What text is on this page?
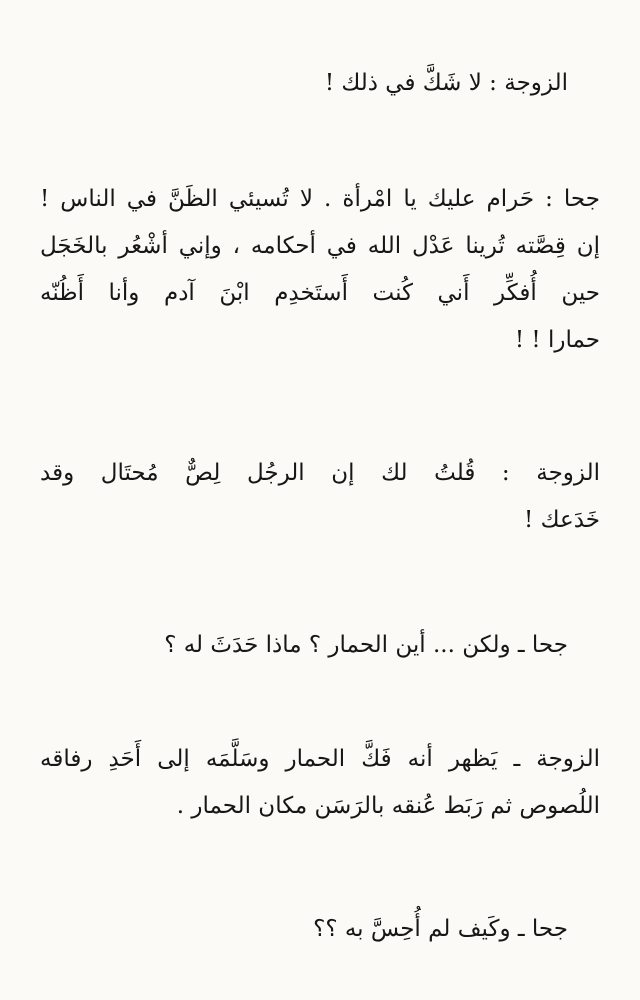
الزوجة : لا شَكَّ في ذلك !

جحا : حَرام عليك يا امْرأة . لا تُسيئي الظَنَّ في الناس !
إن قِصَّته تُرينا عَدْل الله في أحكامه ، وإني أشْعُر بالخَجَل
حين أُفكِّر أَني كُنت أَستَخدِم ابْنَ آدم وأنا أَظُنّه
حمارا ! !

الزوجة : قُلتُ لك إن الرجُل لِصٌّ مُحتَال وقد
خَدَعك !

جحا ـ ولكن ... أين الحمار ؟ ماذا حَدَثَ له ؟

الزوجة ـ يَظهر أنه فَكَّ الحمار وسَلَّمَه إلى أَحَدِ رفاقه
اللُصوص ثم رَبَط عُنقه بالرَسَن مكان الحمار .

جحا ـ وكَيف لم أُحِسَّ به ؟؟
